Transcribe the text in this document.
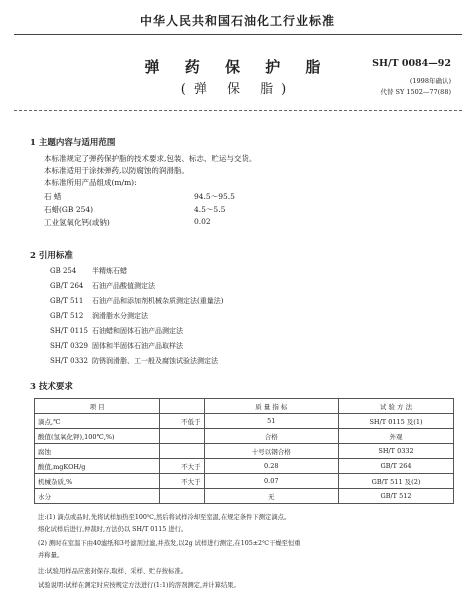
中华人民共和国石油化工行业标准
弹 药 保 护 脂
(弹 保 脂)
SH/T 0084—92
(1998年确认)
代替 SY 1502—77(88)
1 主题内容与适用范围
本标准规定了弹药保护脂的技术要求,包装、标志、贮运与交货。
本标准适用于涂抹弹药,以防腐蚀的润滑脂。
本标准所用产品组成(m/m):
石 蜡	94.5～95.5
石蜡(GB 254)	4.5～5.5
工业氢氧化钙(或钠)	0.02
2 引用标准
GB 254 半精炼石蜡
GB/T 264 石油产品酸值测定法
GB/T 511 石油产品和添加剂机械杂质测定法(重量法)
GB/T 512 润滑脂水分测定法
SH/T 0115 石油蜡和固体石油产品测定法
SH/T 0329 固体和半固体石油产品取样法
SH/T 0332 防锈润滑脂、工一般及腐蚀试验法测定法
3 技术要求
项 目		质 量 指 标	试 验 方 法
滴点,℃	不低于	51	SH/T 0115 及(1)
酸值(氢氧化钾),100℃,%)		合格	外观
腐蚀		十号以钢合格	SH/T 0332
酸值,mgKOH/g	不大于	0.28	GB/T 264
机械杂质,%	不大于	0.07	GB/T 511 及(2)
水分		无	GB/T 512
注:(1) 滴点或品时,先将试样加热至100℃,然后将试样冷却至室温,在规定条件下测定滴点。
熔化试样后进行,仲裁时,方法仍以 SH/T 0115 进行。
(2) 测时在室温下由40滤纸和3号滤剂过滤,并蒸发,以2g 试样进行测定,在105±2℃干燥至恒重
并称量。
注:试验用样品应密封保存,取样、采样、贮存按标准。
试验说明:试样在测定时应按规定方法进行(1:1)的溶剂测定,并计算结果。
